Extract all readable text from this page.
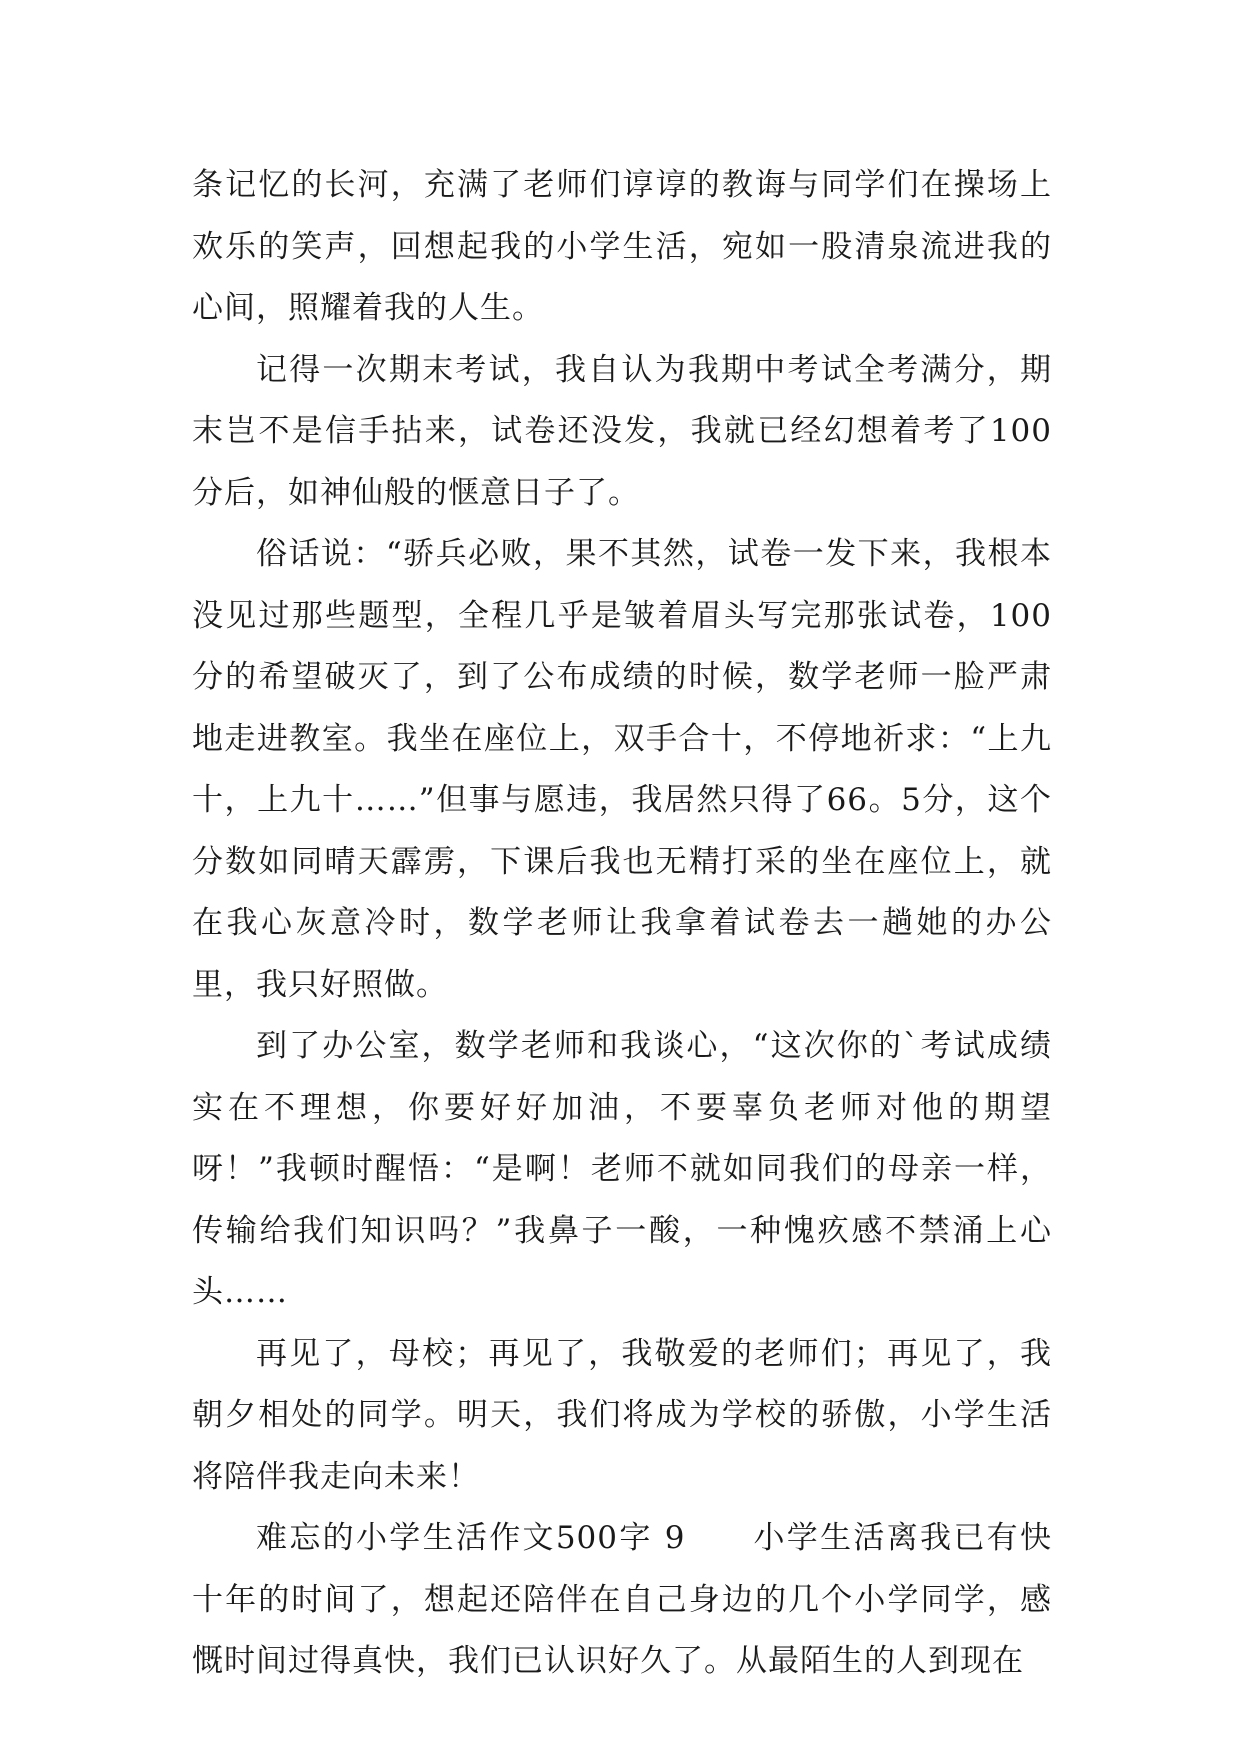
条记忆的长河，充满了老师们谆谆的教诲与同学们在操场上欢乐的笑声，回想起我的小学生活，宛如一股清泉流进我的心间，照耀着我的人生。

记得一次期末考试，我自认为我期中考试全考满分，期末岂不是信手拈来，试卷还没发，我就已经幻想着考了100分后，如神仙般的惬意日子了。

俗话说：“骄兵必败，果不其然，试卷一发下来，我根本没见过那些题型，全程几乎是皱着眉头写完那张试卷，100分的希望破灭了，到了公布成绩的时候，数学老师一脸严肃地走进教室。我坐在座位上，双手合十，不停地祈求：“上九十，上九十……”但事与愿违，我居然只得了66。5分，这个分数如同晴天霹雳，下课后我也无精打采的坐在座位上，就在我心灰意冷时，数学老师让我拿着试卷去一趟她的办公里，我只好照做。

到了办公室，数学老师和我谈心，“这次你的`考试成绩实在不理想，你要好好加油，不要辜负老师对他的期望呀！”我顿时醒悟：“是啊！老师不就如同我们的母亲一样，传输给我们知识吗？”我鼻子一酸，一种愧疚感不禁涌上心头……

再见了，母校；再见了，我敬爱的老师们；再见了，我朝夕相处的同学。明天，我们将成为学校的骄傲，小学生活将陪伴我走向未来！

难忘的小学生活作文500字 9　　小学生活离我已有快十年的时间了，想起还陪伴在自己身边的几个小学同学，感慨时间过得真快，我们已认识好久了。从最陌生的人到现在
